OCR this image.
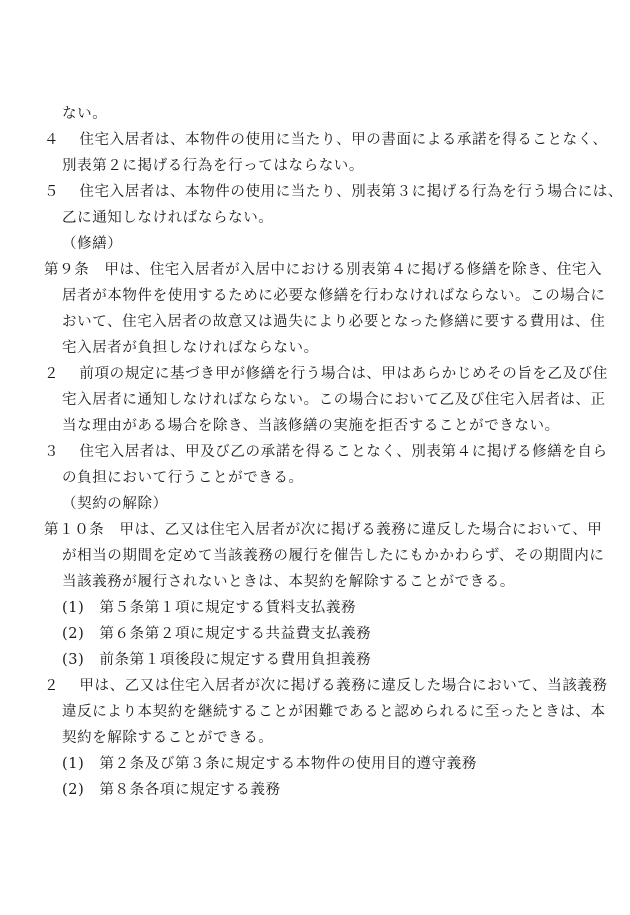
ない。
４　 住宅入居者は、本物件の使用に当たり、甲の書面による承諾を得ることなく、
別表第２に掲げる行為を行ってはならない。
５　 住宅入居者は、本物件の使用に当たり、別表第３に掲げる行為を行う場合には、
乙に通知しなければならない。
（修繕）
第９条　甲は、住宅入居者が入居中における別表第４に掲げる修繕を除き、住宅入
居者が本物件を使用するために必要な修繕を行わなければならない。この場合に
おいて、住宅入居者の故意又は過失により必要となった修繕に要する費用は、住
宅入居者が負担しなければならない。
２　 前項の規定に基づき甲が修繕を行う場合は、甲はあらかじめその旨を乙及び住
宅入居者に通知しなければならない。この場合において乙及び住宅入居者は、正
当な理由がある場合を除き、当該修繕の実施を拒否することができない。
３　 住宅入居者は、甲及び乙の承諾を得ることなく、別表第４に掲げる修繕を自ら
の負担において行うことができる。
（契約の解除）
第１０条　甲は、乙又は住宅入居者が次に掲げる義務に違反した場合において、甲
が相当の期間を定めて当該義務の履行を催告したにもかかわらず、その期間内に
当該義務が履行されないときは、本契約を解除することができる。
(1)　第５条第１項に規定する賃料支払義務
(2)　第６条第２項に規定する共益費支払義務
(3)　前条第１項後段に規定する費用負担義務
２　 甲は、乙又は住宅入居者が次に掲げる義務に違反した場合において、当該義務
違反により本契約を継続することが困難であると認められるに至ったときは、本
契約を解除することができる。
(1)　第２条及び第３条に規定する本物件の使用目的遵守義務
(2)　第８条各項に規定する義務
